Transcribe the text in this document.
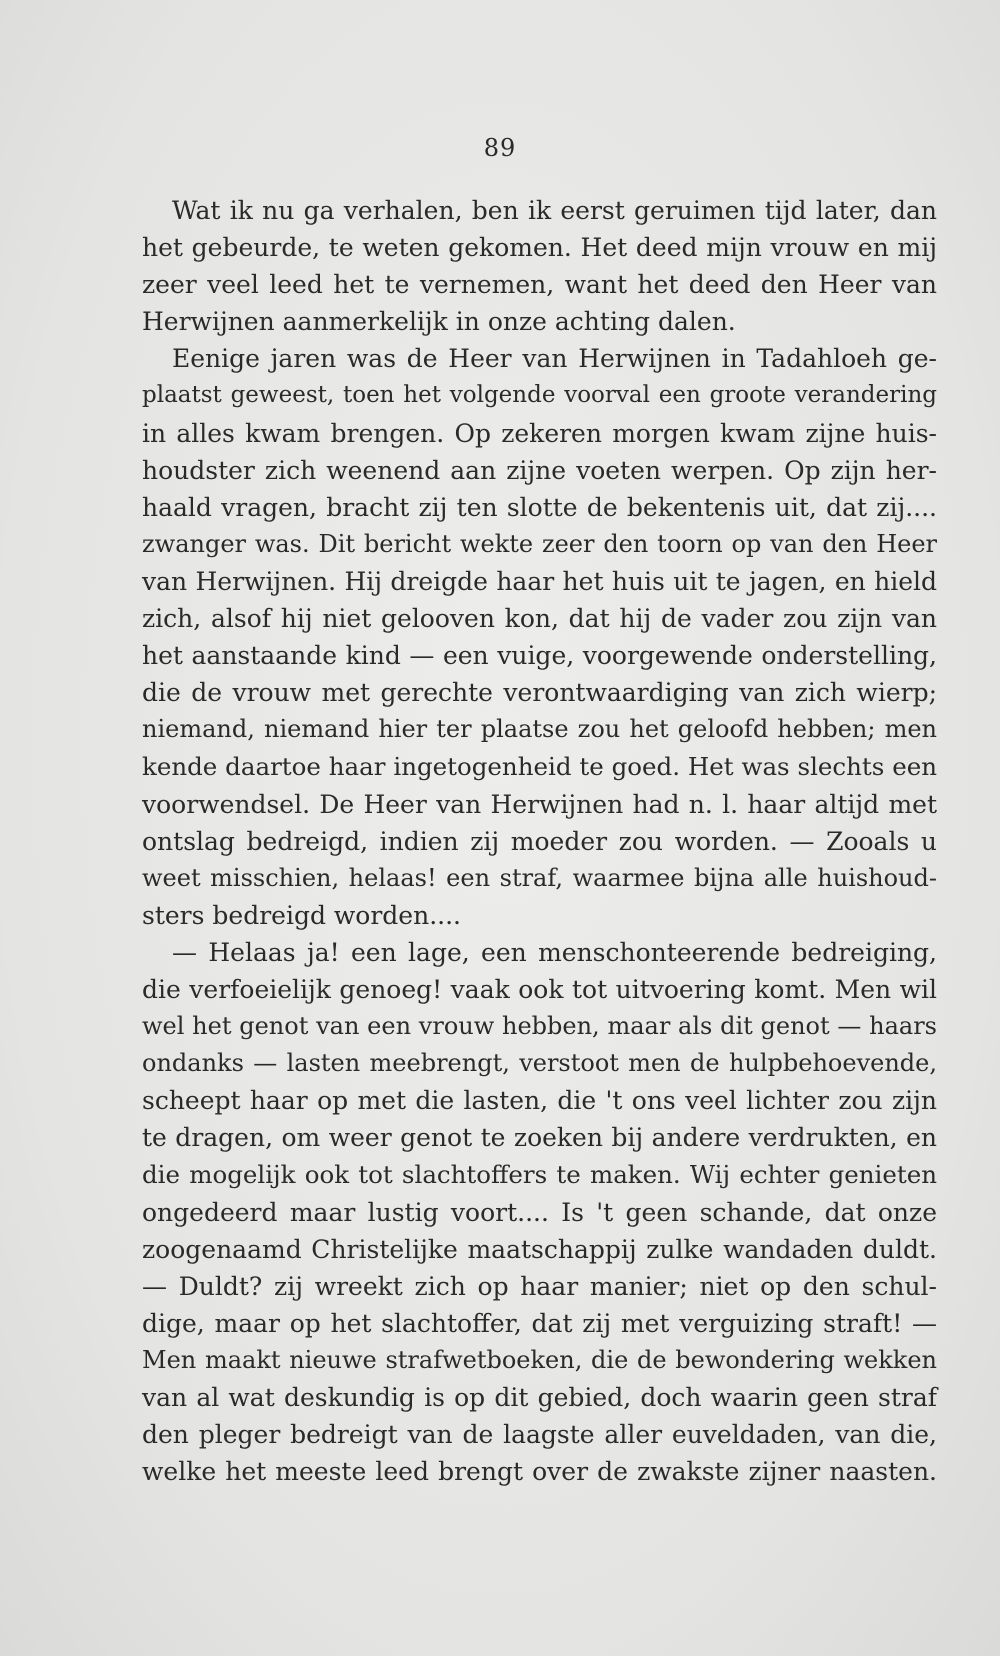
89
Wat ik nu ga verhalen, ben ik eerst geruimen tijd later, dan
het gebeurde, te weten gekomen. Het deed mijn vrouw en mij
zeer veel leed het te vernemen, want het deed den Heer van
Herwijnen aanmerkelijk in onze achting dalen.
Eenige jaren was de Heer van Herwijnen in Tadahloeh ge-
plaatst geweest, toen het volgende voorval een groote verandering
in alles kwam brengen. Op zekeren morgen kwam zijne huis-
houdster zich weenend aan zijne voeten werpen. Op zijn her-
haald vragen, bracht zij ten slotte de bekentenis uit, dat zij....
zwanger was. Dit bericht wekte zeer den toorn op van den Heer
van Herwijnen. Hij dreigde haar het huis uit te jagen, en hield
zich, alsof hij niet gelooven kon, dat hij de vader zou zijn van
het aanstaande kind — een vuige, voorgewende onderstelling,
die de vrouw met gerechte verontwaardiging van zich wierp;
niemand, niemand hier ter plaatse zou het geloofd hebben; men
kende daartoe haar ingetogenheid te goed. Het was slechts een
voorwendsel. De Heer van Herwijnen had n. l. haar altijd met
ontslag bedreigd, indien zij moeder zou worden. — Zooals u
weet misschien, helaas! een straf, waarmee bijna alle huishoud-
sters bedreigd worden....
— Helaas ja! een lage, een menschonteerende bedreiging,
die verfoeielijk genoeg! vaak ook tot uitvoering komt. Men wil
wel het genot van een vrouw hebben, maar als dit genot — haars
ondanks — lasten meebrengt, verstoot men de hulpbehoevende,
scheept haar op met die lasten, die 't ons veel lichter zou zijn
te dragen, om weer genot te zoeken bij andere verdrukten, en
die mogelijk ook tot slachtoffers te maken. Wij echter genieten
ongedeerd maar lustig voort.... Is 't geen schande, dat onze
zoogenaamd Christelijke maatschappij zulke wandaden duldt.
— Duldt? zij wreekt zich op haar manier; niet op den schul-
dige, maar op het slachtoffer, dat zij met verguizing straft! —
Men maakt nieuwe strafwetboeken, die de bewondering wekken
van al wat deskundig is op dit gebied, doch waarin geen straf
den pleger bedreigt van de laagste aller euveldaden, van die,
welke het meeste leed brengt over de zwakste zijner naasten.
